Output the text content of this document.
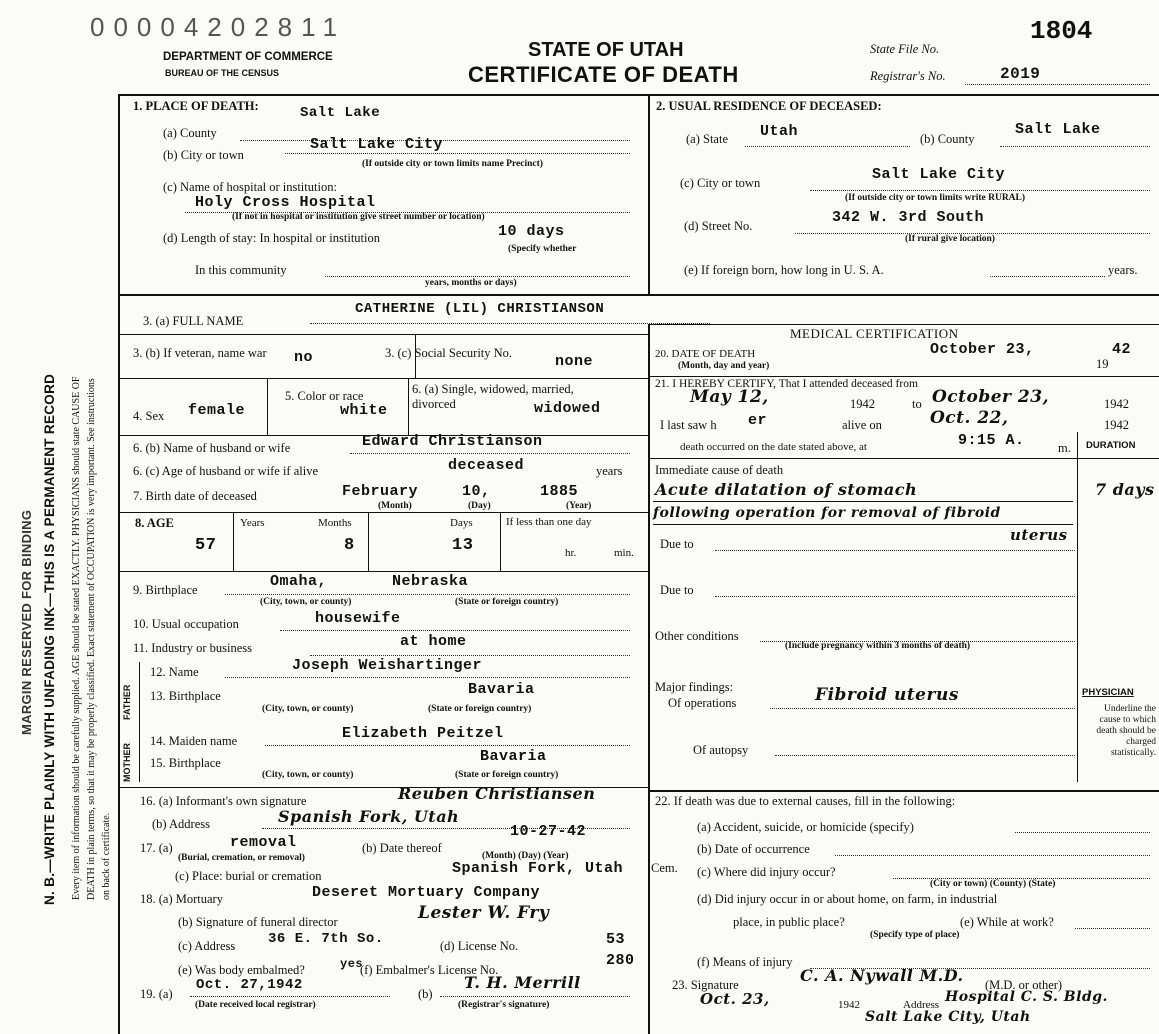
N. B.—WRITE PLAINLY WITH UNFADING INK—THIS IS A PERMANENT RECORD
MARGIN RESERVED FOR BINDING	Every item of information should be carefully supplied. AGE should be stated EXACTLY. PHYSICIANS should state CAUSE OF DEATH in plain terms, so that it may be properly classified. Exact statement of OCCUPATION is very important. See instructions on back of certificate.
00004202811
DEPARTMENT OF COMMERCE
BUREAU OF THE CENSUS
STATE OF UTAH
CERTIFICATE OF DEATH
State File No.
1804
Registrar's No.	2019
1. PLACE OF DEATH:	Salt Lake
(a) County
(b) City or town
Salt Lake City
(If outside city or town limits name Precinct)
(c) Name of hospital or institution:
Holy Cross Hospital
(If not in hospital or institution give street number or location)
(d) Length of stay: In hospital or institution	10 days
(Specify whether
In this community
years, months or days)
2. USUAL RESIDENCE OF DECEASED:
(a) State Utah	(b) County
Salt Lake
(c) City or town	Salt Lake City
(If outside city or town limits write RURAL)
(d) Street No.	342 W. 3rd South
(If rural give location)
(e) If foreign born, how long in U. S. A.	years.
3. (a) FULL NAME
CATHERINE (LIL) CHRISTIANSON
3. (b) If veteran, name war	no	3. (c) Social Security No.	none
4. Sex female
5. Color or race
white
6. (a) Single, widowed, married, divorced	widowed
6. (b) Name of husband or wife	Edward Christianson
6. (c) Age of husband or wife if alive	deceased	years
7. Birth date of deceased	February	10,	1885
(Month)	(Day)	(Year)
8. AGE	Years	Months	Days	If less than one day
57	8	13	hr.	min.
9. Birthplace	Omaha,	Nebraska
(City, town, or county)	(State or foreign country)
10. Usual occupation	housewife
11. Industry or business	at home
FATHER
MOTHER
12. Name	Joseph Weishartinger
13. Birthplace	Bavaria
(City, town, or county)	(State or foreign country)
14. Maiden name	Elizabeth Peitzel
15. Birthplace	Bavaria
(City, town, or county)	(State or foreign country)
16. (a) Informant's own signature	Reuben Christiansen
(b) Address	Spanish Fork, Utah
17. (a)	removal
(Burial, cremation, or removal)
(b) Date thereof
10-27-42
(Month) (Day) (Year)
(c) Place: burial or cremation	Spanish Fork, Utah Cem.
18. (a) Mortuary	Deseret Mortuary Company
(b) Signature of funeral director	Lester W. Fry
(c) Address 36 E. 7th So.	(d) License No.	53
(e) Was body embalmed?	yes
(f) Embalmer's License No.
280
19. (a)
Oct. 27,1942
(Date received local registrar)
(b)
T. H. Merrill
(Registrar's signature)
MEDICAL CERTIFICATION
20. DATE OF DEATH
(Month, day and year)
October 23,
19
42
21. I HEREBY CERTIFY, That I attended deceased from
May 12,	1942	to October 23,	1942
I last saw h er	alive on	Oct. 22,	1942
death occurred on the date stated above, at	9:15 A.	m. DURATION
Immediate cause of death
Acute dilatation of stomach
following operation for removal of fibroid
uterus
7 days
Due to
Due to
Other conditions
(Include pregnancy within 3 months of death)
Major findings:
Of operations	Fibroid uterus
Of autopsy
PHYSICIAN
Underline the cause to which death should be charged statistically.
22. If death was due to external causes, fill in the following:
(a) Accident, suicide, or homicide (specify)
(b) Date of occurrence
(c) Where did injury occur?
(City or town) (County) (State)
(d) Did injury occur in or about home, on farm, in industrial
place, in public place?	(e) While at work?
(Specify type of place)
(f) Means of injury
23. Signature	C. A. Nywall M.D. (M.D. or other)
Oct. 23,	1942	Address Hospital C. S. Bldg.
Salt Lake City, Utah
